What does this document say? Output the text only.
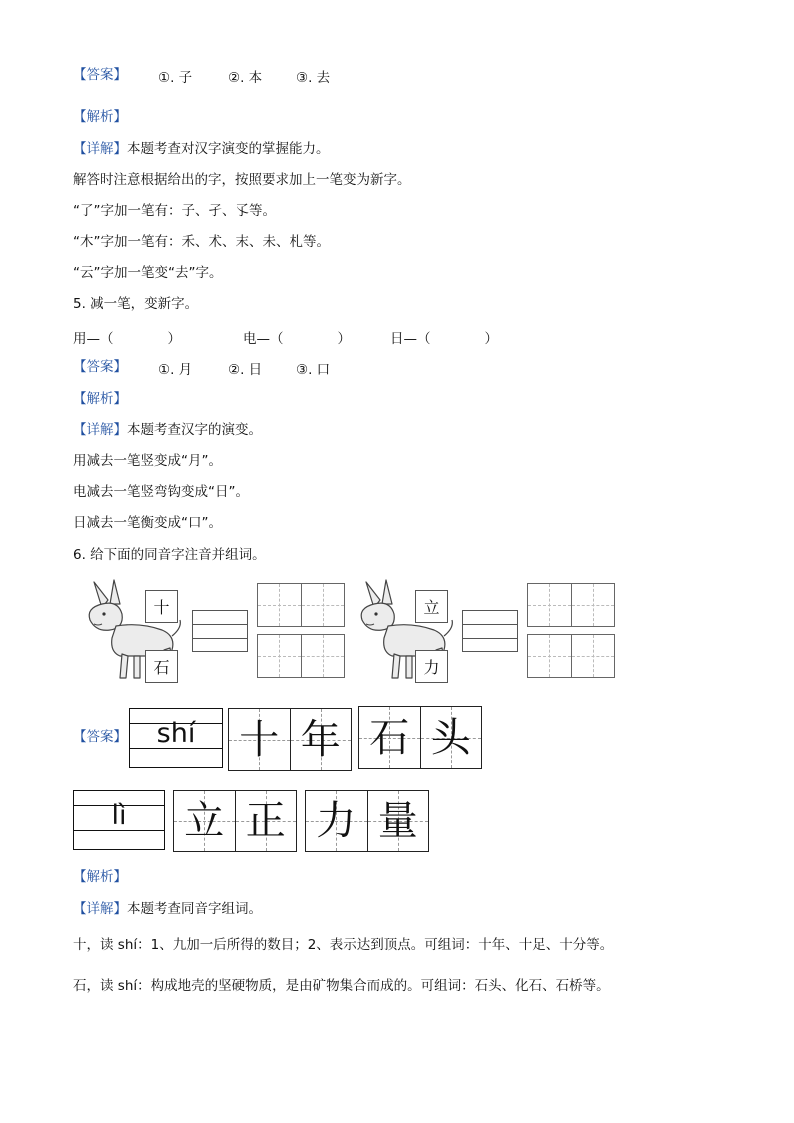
【答案】 ①. 子	②. 本	③. 去
【解析】
【详解】本题考查对汉字演变的掌握能力。
解答时注意根据给出的字，按照要求加上一笔变为新字。
“了”字加一笔有：子、孑、孓等。
“木”字加一笔有：禾、术、末、未、札等。
“云”字加一笔变“去”字。
5. 减一笔，变新字。
用—（　　　　）	电—（　　　　）	日—（　　　　）
【答案】 ①. 月	②. 日	③. 口
【解析】
【详解】本题考查汉字的演变。
用减去一笔竖变成“月”。
电减去一笔竖弯钩变成“日”。
日减去一笔衡变成“口”。
6. 给下面的同音字注音并组词。
十
石
立
力
【答案】	shí	十 年 石 头
lì	立 正 力 量
【解析】
【详解】本题考查同音字组词。
十，读 shí：1、九加一后所得的数目；2、表示达到顶点。可组词：十年、十足、十分等。
石，读 shí：构成地壳的坚硬物质，是由矿物集合而成的。可组词：石头、化石、石桥等。
